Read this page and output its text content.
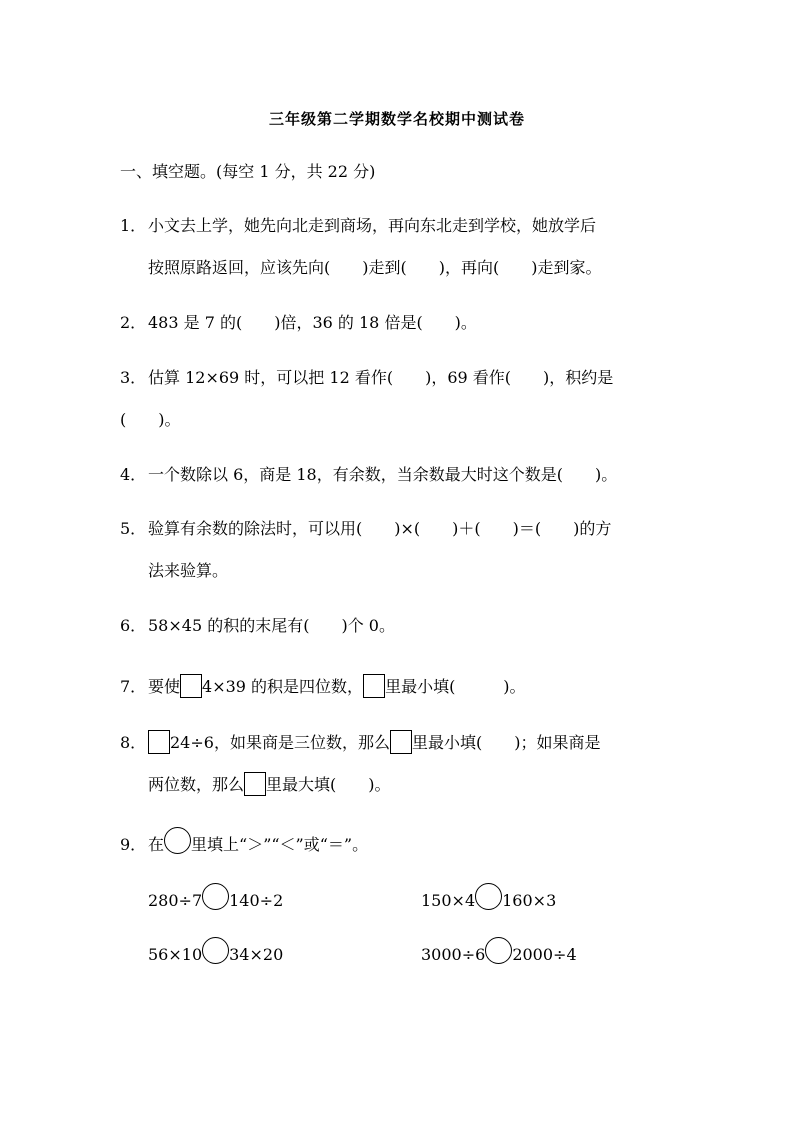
三年级第二学期数学名校期中测试卷
一、填空题。(每空 1 分，共 22 分)
1． 小文去上学，她先向北走到商场，再向东北走到学校，她放学后
按照原路返回，应该先向(　　)走到(　　)，再向(　　)走到家。
2． 483 是 7 的(　　)倍，36 的 18 倍是(　　)。
3． 估算 12×69 时，可以把 12 看作(　　)，69 看作(　　)，积约是
(　　)。
4． 一个数除以 6，商是 18，有余数，当余数最大时这个数是(　　)。
5． 验算有余数的除法时，可以用(　　)×(　　)＋(　　)＝(　　)的方
法来验算。
6． 58×45 的积的末尾有(　　)个 0。
7． 要使 4×39 的积是四位数， 里最小填(　　　)。
8． 24÷6，如果商是三位数，那么 里最小填(　　)；如果商是
两位数，那么 里最大填(　　)。
9． 在 里填上“＞”“＜”或“＝”。
280÷7 140÷2	150×4 160×3
56×10 34×20	3000÷6 2000÷4
